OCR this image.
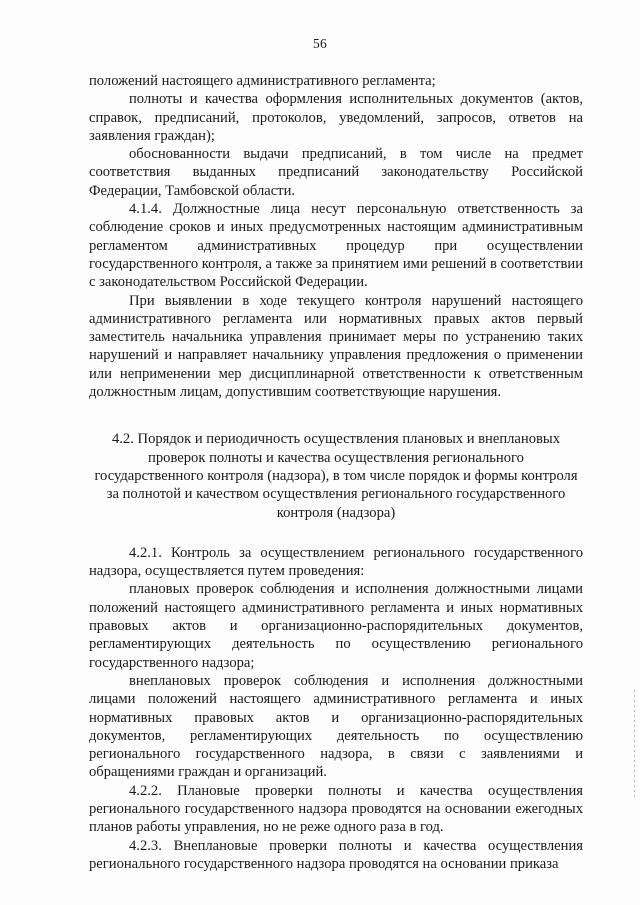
56

положений настоящего административного регламента;

полноты и качества оформления исполнительных документов (актов, справок, предписаний, протоколов, уведомлений, запросов, ответов на заявления граждан);

обоснованности выдачи предписаний, в том числе на предмет соответствия выданных предписаний законодательству Российской Федерации, Тамбовской области.

4.1.4. Должностные лица несут персональную ответственность за соблюдение сроков и иных предусмотренных настоящим административным регламентом административных процедур при осуществлении государственного контроля, а также за принятием ими решений в соответствии с законодательством Российской Федерации.

При выявлении в ходе текущего контроля нарушений настоящего административного регламента или нормативных правых актов первый заместитель начальника управления принимает меры по устранению таких нарушений и направляет начальнику управления предложения о применении или неприменении мер дисциплинарной ответственности к ответственным должностным лицам, допустившим соответствующие нарушения.

4.2. Порядок и периодичность осуществления плановых и внеплановых проверок полноты и качества осуществления регионального государственного контроля (надзора), в том числе порядок и формы контроля за полнотой и качеством осуществления регионального государственного контроля (надзора)

4.2.1. Контроль за осуществлением регионального государственного надзора, осуществляется путем проведения:

плановых проверок соблюдения и исполнения должностными лицами положений настоящего административного регламента и иных нормативных правовых актов и организационно-распорядительных документов, регламентирующих деятельность по осуществлению регионального государственного надзора;

внеплановых проверок соблюдения и исполнения должностными лицами положений настоящего административного регламента и иных нормативных правовых актов и организационно-распорядительных документов, регламентирующих деятельность по осуществлению регионального государственного надзора, в связи с заявлениями и обращениями граждан и организаций.

4.2.2. Плановые проверки полноты и качества осуществления регионального государственного надзора проводятся на основании ежегодных планов работы управления, но не реже одного раза в год.

4.2.3. Внеплановые проверки полноты и качества осуществления регионального государственного надзора проводятся на основании приказа
